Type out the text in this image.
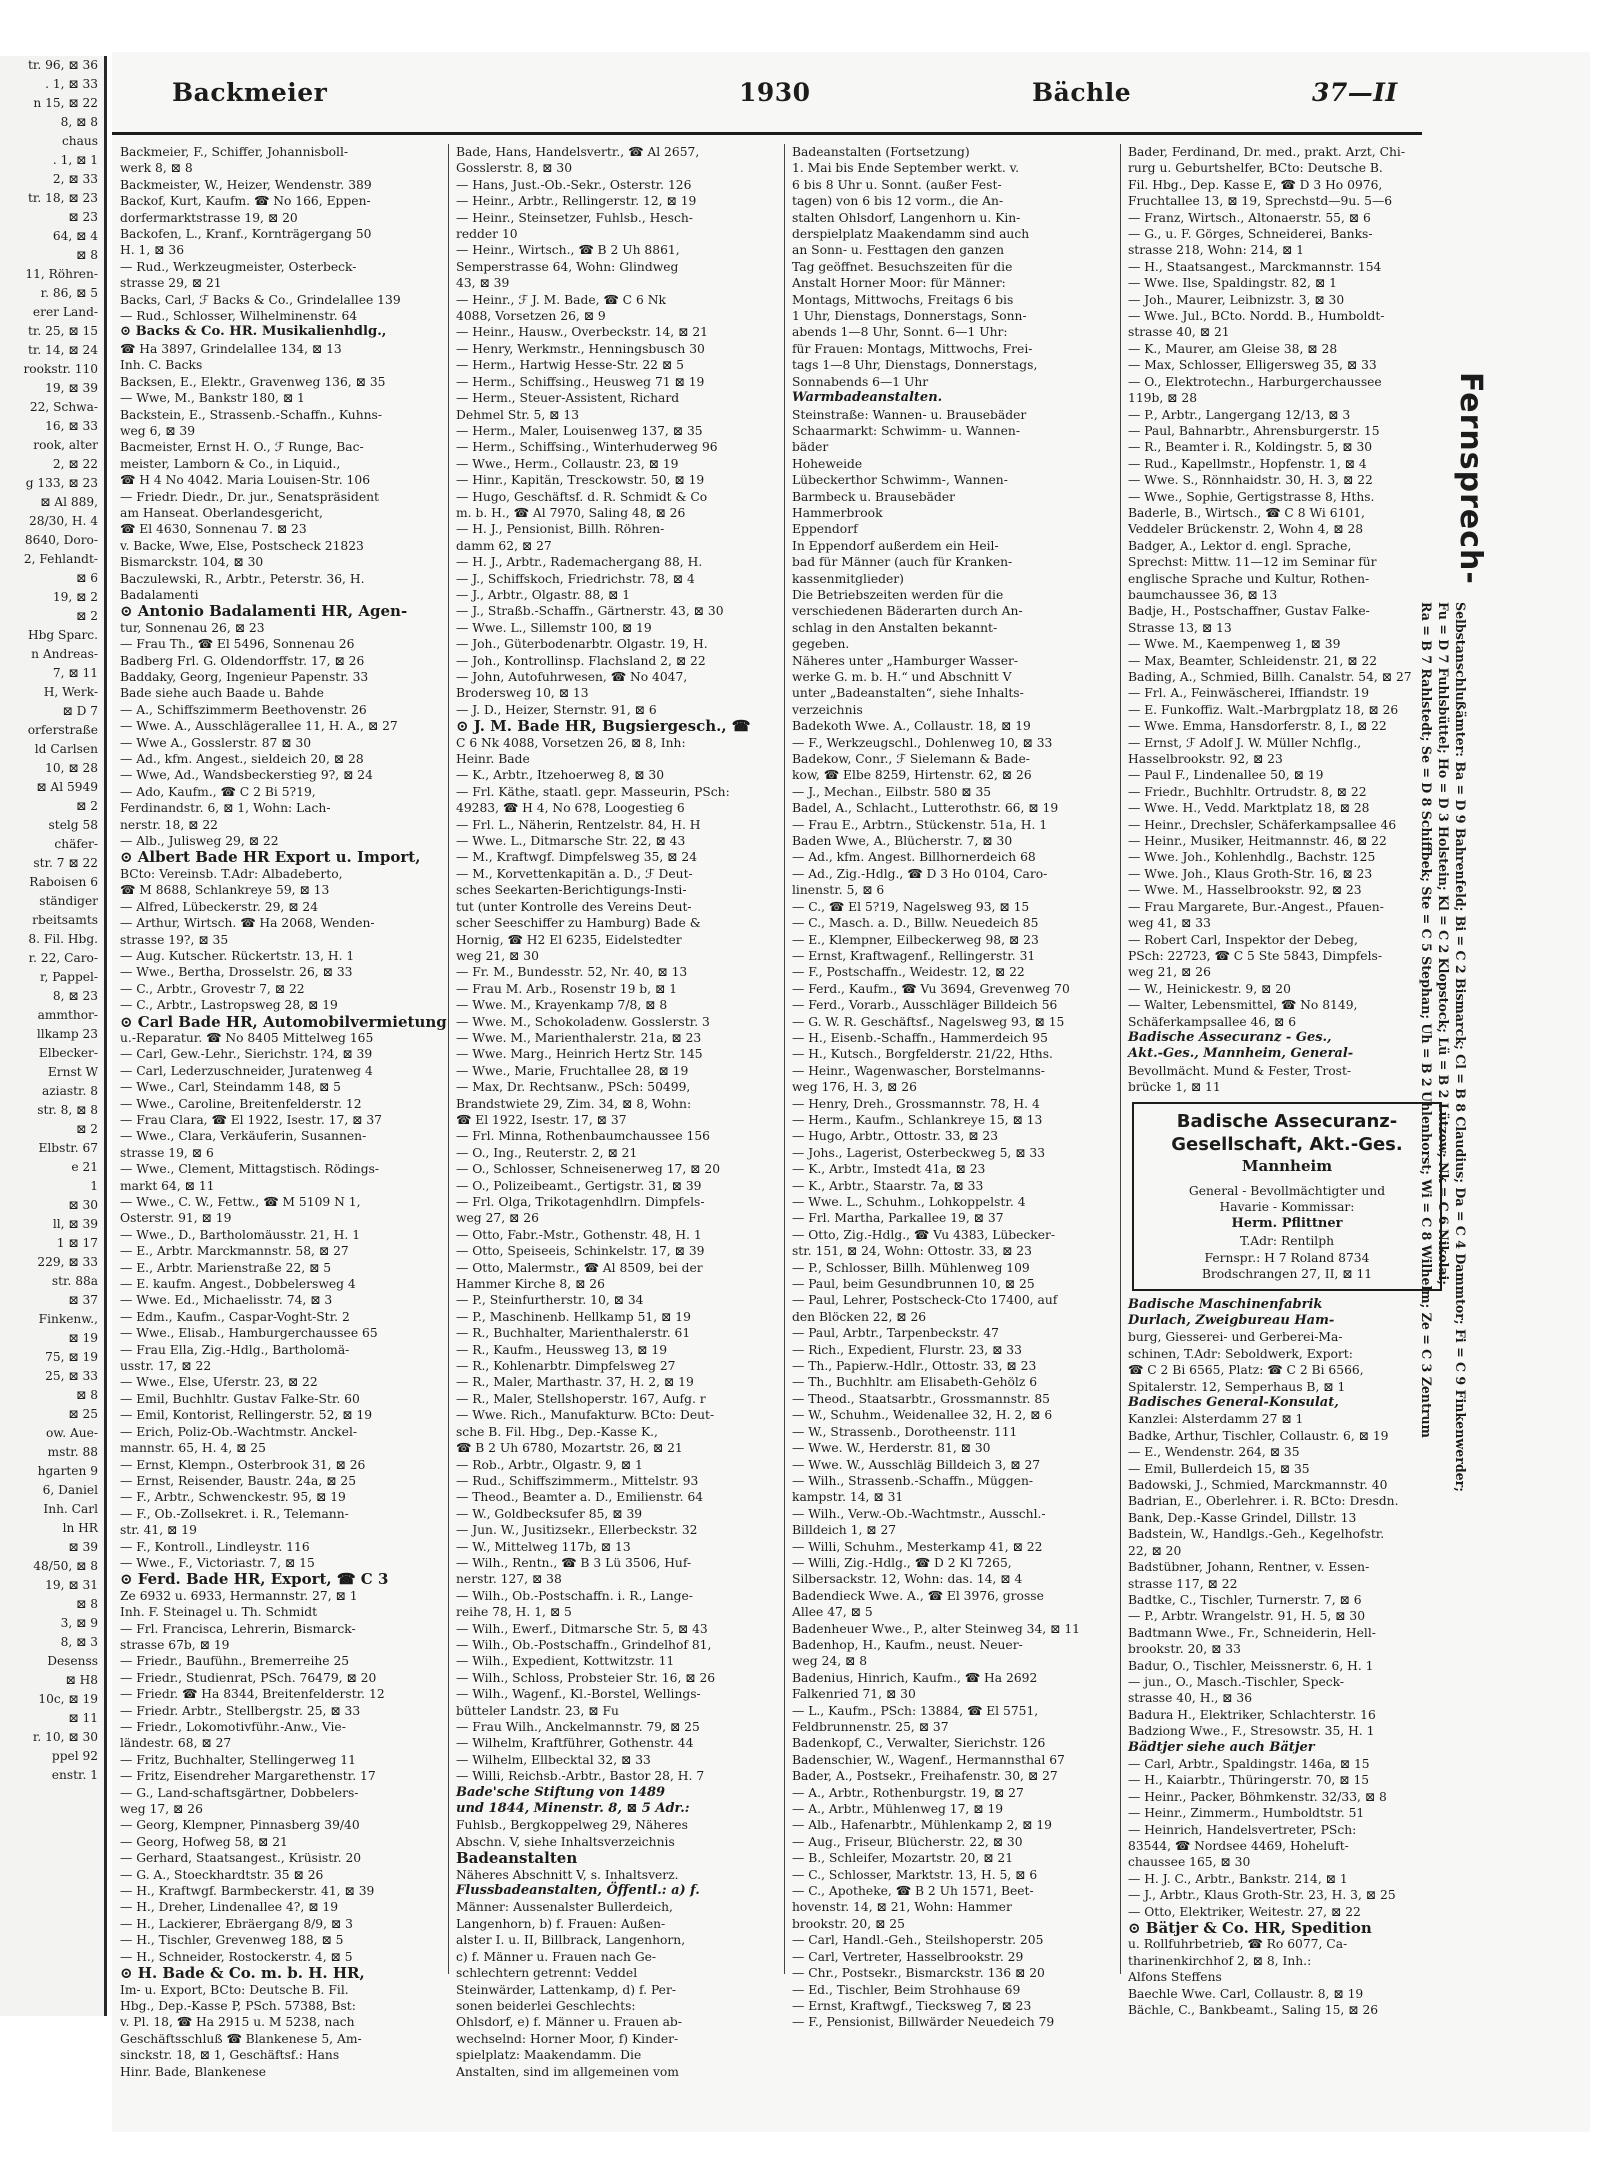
tr. 96, ⊠ 36
. 1, ⊠ 33
n 15, ⊠ 22
8, ⊠ 8
chaus
. 1, ⊠ 1
2, ⊠ 33
tr. 18, ⊠ 23
⊠ 23
64, ⊠ 4
⊠ 8
11, Röhren-
r. 86, ⊠ 5
erer Land-
tr. 25, ⊠ 15
tr. 14, ⊠ 24
rookstr. 110
19, ⊠ 39
22, Schwa-
16, ⊠ 33
rook, alter
2, ⊠ 22
g 133, ⊠ 23
⊠ Al 889,
28/30, H. 4
8640, Doro-
2, Fehlandt-
⊠ 6
19, ⊠ 2
⊠ 2
Hbg Sparc.
n Andreas-
7, ⊠ 11
H, Werk-
⊠ D 7
orferstraße
ld Carlsen
10, ⊠ 28
⊠ Al 5949
⊠ 2
stelg 58
chäfer-
str. 7 ⊠ 22
Raboisen 6
ständiger
rbeitsamts
8. Fil. Hbg.
r. 22, Caro-
r, Pappel-
8, ⊠ 23
ammthor-
llkamp 23
Elbecker-
Ernst W
aziastr. 8
str. 8, ⊠ 8
⊠ 2
Elbstr. 67
e 21
1
⊠ 30
ll, ⊠ 39
1 ⊠ 17
229, ⊠ 33
str. 88a
⊠ 37
Finkenw.,
⊠ 19
75, ⊠ 19
25, ⊠ 33
⊠ 8
⊠ 25
ow. Aue-
mstr. 88
hgarten 9
6, Daniel
Inh. Carl
ln HR
⊠ 39
48/50, ⊠ 8
19, ⊠ 31
⊠ 8
3, ⊠ 9
8, ⊠ 3
Desenss
⊠ H8
10c, ⊠ 19
⊠ 11
r. 10, ⊠ 30
ppel 92
enstr. 1
Backmeier	1930	Bächle	37—II
Backmeier, F., Schiffer, Johannisboll-
werk 8, ⊠ 8
Backmeister, W., Heizer, Wendenstr. 389
Backof, Kurt, Kaufm. ☎ No 166, Eppen-
dorfermarktstrasse 19, ⊠ 20
Backofen, L., Kranf., Kornträgergang 50
H. 1, ⊠ 36
— Rud., Werkzeugmeister, Osterbeck-
strasse 29, ⊠ 21
Backs, Carl, ℱ Backs & Co., Grindelallee 139
— Rud., Schlosser, Wilhelminenstr. 64
⊙ Backs & Co. HR. Musikalienhdlg.,
☎ Ha 3897, Grindelallee 134, ⊠ 13
Inh. C. Backs
Backsen, E., Elektr., Gravenweg 136, ⊠ 35
— Wwe, M., Bankstr 180, ⊠ 1
Backstein, E., Strassenb.-Schaffn., Kuhns-
weg 6, ⊠ 39
Bacmeister, Ernst H. O., ℱ Runge, Bac-
meister, Lamborn & Co., in Liquid.,
☎ H 4 No 4042. Maria Louisen-Str. 106
— Friedr. Diedr., Dr. jur., Senatspräsident
am Hanseat. Oberlandesgericht,
☎ El 4630, Sonnenau 7. ⊠ 23
v. Backe, Wwe, Else, Postscheck 21823
Bismarckstr. 104, ⊠ 30
Baczulewski, R., Arbtr., Peterstr. 36, H.
Badalamenti
⊙ Antonio Badalamenti HR, Agen-
tur, Sonnenau 26, ⊠ 23
— Frau Th., ☎ El 5496, Sonnenau 26
Badberg Frl. G. Oldendorffstr. 17, ⊠ 26
Baddaky, Georg, Ingenieur Papenstr. 33
Bade siehe auch Baade u. Bahde
— A., Schiffszimmerm Beethovenstr. 26
— Wwe. A., Ausschlägerallee 11, H. A., ⊠ 27
— Wwe A., Gosslerstr. 87 ⊠ 30
— Ad., kfm. Angest., sieldeich 20, ⊠ 28
— Wwe, Ad., Wandsbeckerstieg 9?, ⊠ 24
— Ado, Kaufm., ☎ C 2 Bi 5?19,
Ferdinandstr. 6, ⊠ 1, Wohn: Lach-
nerstr. 18, ⊠ 22
— Alb., Julisweg 29, ⊠ 22
⊙ Albert Bade HR Export u. Import,
BCto: Vereinsb. T.Adr: Albadeberto,
☎ M 8688, Schlankreye 59, ⊠ 13
— Alfred, Lübeckerstr. 29, ⊠ 24
— Arthur, Wirtsch. ☎ Ha 2068, Wenden-
strasse 19?, ⊠ 35
— Aug. Kutscher. Rückertstr. 13, H. 1
— Wwe., Bertha, Drosselstr. 26, ⊠ 33
— C., Arbtr., Grovestr 7, ⊠ 22
— C., Arbtr., Lastropsweg 28, ⊠ 19
⊙ Carl Bade HR, Automobilvermietung
u.-Reparatur. ☎ No 8405 Mittelweg 165
— Carl, Gew.-Lehr., Sierichstr. 1?4, ⊠ 39
— Carl, Lederzuschneider, Juratenweg 4
— Wwe., Carl, Steindamm 148, ⊠ 5
— Wwe., Caroline, Breitenfelderstr. 12
— Frau Clara, ☎ El 1922, Isestr. 17, ⊠ 37
— Wwe., Clara, Verkäuferin, Susannen-
strasse 19, ⊠ 6
— Wwe., Clement, Mittagstisch. Rödings-
markt 64, ⊠ 11
— Wwe., C. W., Fettw., ☎ M 5109 N 1,
Osterstr. 91, ⊠ 19
— Wwe., D., Bartholomäusstr. 21, H. 1
— E., Arbtr. Marckmannstr. 58, ⊠ 27
— E., Arbtr. Marienstraße 22, ⊠ 5
— E. kaufm. Angest., Dobbelersweg 4
— Wwe. Ed., Michaelisstr. 74, ⊠ 3
— Edm., Kaufm., Caspar-Voght-Str. 2
— Wwe., Elisab., Hamburgerchaussee 65
— Frau Ella, Zig.-Hdlg., Bartholomä-
usstr. 17, ⊠ 22
— Wwe., Else, Uferstr. 23, ⊠ 22
— Emil, Buchhltr. Gustav Falke-Str. 60
— Emil, Kontorist, Rellingerstr. 52, ⊠ 19
— Erich, Poliz-Ob.-Wachtmstr. Anckel-
mannstr. 65, H. 4, ⊠ 25
— Ernst, Klempn., Osterbrook 31, ⊠ 26
— Ernst, Reisender, Baustr. 24a, ⊠ 25
— F., Arbtr., Schwenckestr. 95, ⊠ 19
— F., Ob.-Zollsekret. i. R., Telemann-
str. 41, ⊠ 19
— F., Kontroll., Lindleystr. 116
— Wwe., F., Victoriastr. 7, ⊠ 15
⊙ Ferd. Bade HR, Export, ☎ C 3
Ze 6932 u. 6933, Hermannstr. 27, ⊠ 1
Inh. F. Steinagel u. Th. Schmidt
— Frl. Francisca, Lehrerin, Bismarck-
strasse 67b, ⊠ 19
— Friedr., Baufühn., Bremerreihe 25
— Friedr., Studienrat, PSch. 76479, ⊠ 20
— Friedr. ☎ Ha 8344, Breitenfelderstr. 12
— Friedr. Arbtr., Stellbergstr. 25, ⊠ 33
— Friedr., Lokomotivführ.-Anw., Vie-
ländestr. 68, ⊠ 27
— Fritz, Buchhalter, Stellingerweg 11
— Fritz, Eisendreher Margarethenstr. 17
— G., Land-schaftsgärtner, Dobbelers-
weg 17, ⊠ 26
— Georg, Klempner, Pinnasberg 39/40
— Georg, Hofweg 58, ⊠ 21
— Gerhard, Staatsangest., Krüsistr. 20
— G. A., Stoeckhardtstr. 35 ⊠ 26
— H., Kraftwgf. Barmbeckerstr. 41, ⊠ 39
— H., Dreher, Lindenallee 4?, ⊠ 19
— H., Lackierer, Ebräergang 8/9, ⊠ 3
— H., Tischler, Grevenweg 188, ⊠ 5
— H., Schneider, Rostockerstr. 4, ⊠ 5
⊙ H. Bade & Co. m. b. H. HR,
Im- u. Export, BCto: Deutsche B. Fil.
Hbg., Dep.-Kasse P, PSch. 57388, Bst:
v. Pl. 18, ☎ Ha 2915 u. M 5238, nach
Geschäftsschluß ☎ Blankenese 5, Am-
sinckstr. 18, ⊠ 1, Geschäftsf.: Hans
Hinr. Bade, Blankenese
Bade, Hans, Handelsvertr., ☎ Al 2657,
Gosslerstr. 8, ⊠ 30
— Hans, Just.-Ob.-Sekr., Osterstr. 126
— Heinr., Arbtr., Rellingerstr. 12, ⊠ 19
— Heinr., Steinsetzer, Fuhlsb., Hesch-
redder 10
— Heinr., Wirtsch., ☎ B 2 Uh 8861,
Semperstrasse 64, Wohn: Glindweg
43, ⊠ 39
— Heinr., ℱ J. M. Bade, ☎ C 6 Nk
4088, Vorsetzen 26, ⊠ 9
— Heinr., Hausw., Overbeckstr. 14, ⊠ 21
— Henry, Werkmstr., Henningsbusch 30
— Herm., Hartwig Hesse-Str. 22 ⊠ 5
— Herm., Schiffsing., Heusweg 71 ⊠ 19
— Herm., Steuer-Assistent, Richard
Dehmel Str. 5, ⊠ 13
— Herm., Maler, Louisenweg 137, ⊠ 35
— Herm., Schiffsing., Winterhuderweg 96
— Wwe., Herm., Collaustr. 23, ⊠ 19
— Hinr., Kapitän, Tresckowstr. 50, ⊠ 19
— Hugo, Geschäftsf. d. R. Schmidt & Co
m. b. H., ☎ Al 7970, Saling 48, ⊠ 26
— H. J., Pensionist, Billh. Röhren-
damm 62, ⊠ 27
— H. J., Arbtr., Rademachergang 88, H.
— J., Schiffskoch, Friedrichstr. 78, ⊠ 4
— J., Arbtr., Olgastr. 88, ⊠ 1
— J., Straßb.-Schaffn., Gärtnerstr. 43, ⊠ 30
— Wwe. L., Sillemstr 100, ⊠ 19
— Joh., Güterbodenarbtr. Olgastr. 19, H.
— Joh., Kontrollinsp. Flachsland 2, ⊠ 22
— John, Autofuhrwesen, ☎ No 4047,
Brodersweg 10, ⊠ 13
— J. D., Heizer, Sternstr. 91, ⊠ 6
⊙ J. M. Bade HR, Bugsiergesch., ☎
C 6 Nk 4088, Vorsetzen 26, ⊠ 8, Inh:
Heinr. Bade
— K., Arbtr., Itzehoerweg 8, ⊠ 30
— Frl. Käthe, staatl. gepr. Masseurin, PSch:
49283, ☎ H 4, No 6?8, Loogestieg 6
— Frl. L., Näherin, Rentzelstr. 84, H. H
— Wwe. L., Ditmarsche Str. 22, ⊠ 43
— M., Kraftwgf. Dimpfelsweg 35, ⊠ 24
— M., Korvettenkapitän a. D., ℱ Deut-
sches Seekarten-Berichtigungs-Insti-
tut (unter Kontrolle des Vereins Deut-
scher Seeschiffer zu Hamburg) Bade &
Hornig, ☎ H2 El 6235, Eidelstedter
weg 21, ⊠ 30
— Fr. M., Bundesstr. 52, Nr. 40, ⊠ 13
— Frau M. Arb., Rosenstr 19 b, ⊠ 1
— Wwe. M., Krayenkamp 7/8, ⊠ 8
— Wwe. M., Schokoladenw. Gosslerstr. 3
— Wwe. M., Marienthalerstr. 21a, ⊠ 23
— Wwe. Marg., Heinrich Hertz Str. 145
— Wwe., Marie, Fruchtallee 28, ⊠ 19
— Max, Dr. Rechtsanw., PSch: 50499,
Brandstwiete 29, Zim. 34, ⊠ 8, Wohn:
☎ El 1922, Isestr. 17, ⊠ 37
— Frl. Minna, Rothenbaumchaussee 156
— O., Ing., Reuterstr. 2, ⊠ 21
— O., Schlosser, Schneisenerweg 17, ⊠ 20
— O., Polizeibeamt., Gertigstr. 31, ⊠ 39
— Frl. Olga, Trikotagenhdlrn. Dimpfels-
weg 27, ⊠ 26
— Otto, Fabr.-Mstr., Gothenstr. 48, H. 1
— Otto, Speiseeis, Schinkelstr. 17, ⊠ 39
— Otto, Malermstr., ☎ Al 8509, bei der
Hammer Kirche 8, ⊠ 26
— P., Steinfurtherstr. 10, ⊠ 34
— P., Maschinenb. Hellkamp 51, ⊠ 19
— R., Buchhalter, Marienthalerstr. 61
— R., Kaufm., Heussweg 13, ⊠ 19
— R., Kohlenarbtr. Dimpfelsweg 27
— R., Maler, Marthastr. 37, H. 2, ⊠ 19
— R., Maler, Stellshoperstr. 167, Aufg. r
— Wwe. Rich., Manufakturw. BCto: Deut-
sche B. Fil. Hbg., Dep.-Kasse K.,
☎ B 2 Uh 6780, Mozartstr. 26, ⊠ 21
— Rob., Arbtr., Olgastr. 9, ⊠ 1
— Rud., Schiffszimmerm., Mittelstr. 93
— Theod., Beamter a. D., Emilienstr. 64
— W., Goldbecksufer 85, ⊠ 39
— Jun. W., Jusitizsekr., Ellerbeckstr. 32
— W., Mittelweg 117b, ⊠ 13
— Wilh., Rentn., ☎ B 3 Lü 3506, Huf-
nerstr. 127, ⊠ 38
— Wilh., Ob.-Postschaffn. i. R., Lange-
reihe 78, H. 1, ⊠ 5
— Wilh., Ewerf., Ditmarsche Str. 5, ⊠ 43
— Wilh., Ob.-Postschaffn., Grindelhof 81,
— Wilh., Expedient, Kottwitzstr. 11
— Wilh., Schloss, Probsteier Str. 16, ⊠ 26
— Wilh., Wagenf., Kl.-Borstel, Wellings-
bütteler Landstr. 23, ⊠ Fu
— Frau Wilh., Anckelmannstr. 79, ⊠ 25
— Wilhelm, Kraftführer, Gothenstr. 44
— Wilhelm, Ellbecktal 32, ⊠ 33
— Willi, Reichsb.-Arbtr., Bastor 28, H. 7
Bade'sche Stiftung von 1489
und 1844, Minenstr. 8, ⊠ 5 Adr.:
Fuhlsb., Bergkoppelweg 29, Näheres
Abschn. V, siehe Inhaltsverzeichnis
Badeanstalten
Näheres Abschnitt V, s. Inhaltsverz.
Flussbadeanstalten, Öffentl.: a) f.
Männer: Aussenalster Bullerdeich,
Langenhorn, b) f. Frauen: Außen-
alster I. u. II, Billbrack, Langenhorn,
c) f. Männer u. Frauen nach Ge-
schlechtern getrennt: Veddel
Steinwärder, Lattenkamp, d) f. Per-
sonen beiderlei Geschlechts:
Ohlsdorf, e) f. Männer u. Frauen ab-
wechselnd: Horner Moor, f) Kinder-
spielplatz: Maakendamm. Die
Anstalten, sind im allgemeinen vom
Badeanstalten (Fortsetzung)
1. Mai bis Ende September werkt. v.
6 bis 8 Uhr u. Sonnt. (außer Fest-
tagen) von 6 bis 12 vorm., die An-
stalten Ohlsdorf, Langenhorn u. Kin-
derspielplatz Maakendamm sind auch
an Sonn- u. Festtagen den ganzen
Tag geöffnet. Besuchszeiten für die
Anstalt Horner Moor: für Männer:
Montags, Mittwochs, Freitags 6 bis
1 Uhr, Dienstags, Donnerstags, Sonn-
abends 1—8 Uhr, Sonnt. 6—1 Uhr:
für Frauen: Montags, Mittwochs, Frei-
tags 1—8 Uhr, Dienstags, Donnerstags,
Sonnabends 6—1 Uhr
Warmbadeanstalten.
Steinstraße: Wannen- u. Brausebäder
Schaarmarkt: Schwimm- u. Wannen-
bäder
Hoheweide
Lübeckerthor Schwimm-, Wannen-
Barmbeck u. Brausebäder
Hammerbrook
Eppendorf
In Eppendorf außerdem ein Heil-
bad für Männer (auch für Kranken-
kassenmitglieder)
Die Betriebszeiten werden für die
verschiedenen Bäderarten durch An-
schlag in den Anstalten bekannt-
gegeben.
Näheres unter „Hamburger Wasser-
werke G. m. b. H.“ und Abschnitt V
unter „Badeanstalten“, siehe Inhalts-
verzeichnis
Badekoth Wwe. A., Collaustr. 18, ⊠ 19
— F., Werkzeugschl., Dohlenweg 10, ⊠ 33
Badekow, Conr., ℱ Sielemann & Bade-
kow, ☎ Elbe 8259, Hirtenstr. 62, ⊠ 26
— J., Mechan., Eilbstr. 580 ⊠ 35
Badel, A., Schlacht., Lutterothstr. 66, ⊠ 19
— Frau E., Arbtrn., Stückenstr. 51a, H. 1
Baden Wwe, A., Blücherstr. 7, ⊠ 30
— Ad., kfm. Angest. Billhornerdeich 68
— Ad., Zig.-Hdlg., ☎ D 3 Ho 0104, Caro-
linenstr. 5, ⊠ 6
— C., ☎ El 5?19, Nagelsweg 93, ⊠ 15
— C., Masch. a. D., Billw. Neuedeich 85
— E., Klempner, Eilbeckerweg 98, ⊠ 23
— Ernst, Kraftwagenf., Rellingerstr. 31
— F., Postschaffn., Weidestr. 12, ⊠ 22
— Ferd., Kaufm., ☎ Vu 3694, Grevenweg 70
— Ferd., Vorarb., Ausschläger Billdeich 56
— G. W. R. Geschäftsf., Nagelsweg 93, ⊠ 15
— H., Eisenb.-Schaffn., Hammerdeich 95
— H., Kutsch., Borgfelderstr. 21/22, Hths.
— Heinr., Wagenwascher, Borstelmanns-
weg 176, H. 3, ⊠ 26
— Henry, Dreh., Grossmannstr. 78, H. 4
— Herm., Kaufm., Schlankreye 15, ⊠ 13
— Hugo, Arbtr., Ottostr. 33, ⊠ 23
— Johs., Lagerist, Osterbeckweg 5, ⊠ 33
— K., Arbtr., Imstedt 41a, ⊠ 23
— K., Arbtr., Staarstr. 7a, ⊠ 33
— Wwe. L., Schuhm., Lohkoppelstr. 4
— Frl. Martha, Parkallee 19, ⊠ 37
— Otto, Zig.-Hdlg., ☎ Vu 4383, Lübecker-
str. 151, ⊠ 24, Wohn: Ottostr. 33, ⊠ 23
— P., Schlosser, Billh. Mühlenweg 109
— Paul, beim Gesundbrunnen 10, ⊠ 25
— Paul, Lehrer, Postscheck-Cto 17400, auf
den Blöcken 22, ⊠ 26
— Paul, Arbtr., Tarpenbeckstr. 47
— Rich., Expedient, Flurstr. 23, ⊠ 33
— Th., Papierw.-Hdlr., Ottostr. 33, ⊠ 23
— Th., Buchhltr. am Elisabeth-Gehölz 6
— Theod., Staatsarbtr., Grossmannstr. 85
— W., Schuhm., Weidenallee 32, H. 2, ⊠ 6
— W., Strassenb., Dorotheenstr. 111
— Wwe. W., Herderstr. 81, ⊠ 30
— Wwe. W., Ausschläg Billdeich 3, ⊠ 27
— Wilh., Strassenb.-Schaffn., Müggen-
kampstr. 14, ⊠ 31
— Wilh., Verw.-Ob.-Wachtmstr., Ausschl.-
Billdeich 1, ⊠ 27
— Willi, Schuhm., Mesterkamp 41, ⊠ 22
— Willi, Zig.-Hdlg., ☎ D 2 Kl 7265,
Silbersackstr. 12, Wohn: das. 14, ⊠ 4
Badendieck Wwe. A., ☎ El 3976, grosse
Allee 47, ⊠ 5
Badenheuer Wwe., P., alter Steinweg 34, ⊠ 11
Badenhop, H., Kaufm., neust. Neuer-
weg 24, ⊠ 8
Badenius, Hinrich, Kaufm., ☎ Ha 2692
Falkenried 71, ⊠ 30
— L., Kaufm., PSch: 13884, ☎ El 5751,
Feldbrunnenstr. 25, ⊠ 37
Badenkopf, C., Verwalter, Sierichstr. 126
Badenschier, W., Wagenf., Hermannsthal 67
Bader, A., Postsekr., Freihafenstr. 30, ⊠ 27
— A., Arbtr., Rothenburgstr. 19, ⊠ 27
— A., Arbtr., Mühlenweg 17, ⊠ 19
— Alb., Hafenarbtr., Mühlenkamp 2, ⊠ 19
— Aug., Friseur, Blücherstr. 22, ⊠ 30
— B., Schleifer, Mozartstr. 20, ⊠ 21
— C., Schlosser, Marktstr. 13, H. 5, ⊠ 6
— C., Apotheke, ☎ B 2 Uh 1571, Beet-
hovenstr. 14, ⊠ 21, Wohn: Hammer
brookstr. 20, ⊠ 25
— Carl, Handl.-Geh., Steilshoperstr. 205
— Carl, Vertreter, Hasselbrookstr. 29
— Chr., Postsekr., Bismarckstr. 136 ⊠ 20
— Ed., Tischler, Beim Strohhause 69
— Ernst, Kraftwgf., Tiecksweg 7, ⊠ 23
— F., Pensionist, Billwärder Neuedeich 79
Bader, Ferdinand, Dr. med., prakt. Arzt, Chi-
rurg u. Geburtshelfer, BCto: Deutsche B.
Fil. Hbg., Dep. Kasse E, ☎ D 3 Ho 0976,
Fruchtallee 13, ⊠ 19, Sprechstd—9u. 5—6
— Franz, Wirtsch., Altonaerstr. 55, ⊠ 6
— G., u. F. Görges, Schneiderei, Banks-
strasse 218, Wohn: 214, ⊠ 1
— H., Staatsangest., Marckmannstr. 154
— Wwe. Ilse, Spaldingstr. 82, ⊠ 1
— Joh., Maurer, Leibnizstr. 3, ⊠ 30
— Wwe. Jul., BCto. Nordd. B., Humboldt-
strasse 40, ⊠ 21
— K., Maurer, am Gleise 38, ⊠ 28
— Max, Schlosser, Elligersweg 35, ⊠ 33
— O., Elektrotechn., Harburgerchaussee
119b, ⊠ 28
— P., Arbtr., Langergang 12/13, ⊠ 3
— Paul, Bahnarbtr., Ahrensburgerstr. 15
— R., Beamter i. R., Koldingstr. 5, ⊠ 30
— Rud., Kapellmstr., Hopfenstr. 1, ⊠ 4
— Wwe. S., Rönnhaidstr. 30, H. 3, ⊠ 22
— Wwe., Sophie, Gertigstrasse 8, Hths.
Baderle, B., Wirtsch., ☎ C 8 Wi 6101,
Veddeler Brückenstr. 2, Wohn 4, ⊠ 28
Badger, A., Lektor d. engl. Sprache,
Sprechst: Mittw. 11—12 im Seminar für
englische Sprache und Kultur, Rothen-
baumchaussee 36, ⊠ 13
Badje, H., Postschaffner, Gustav Falke-
Strasse 13, ⊠ 13
— Wwe. M., Kaempenweg 1, ⊠ 39
— Max, Beamter, Schleidenstr. 21, ⊠ 22
Bading, A., Schmied, Billh. Canalstr. 54, ⊠ 27
— Frl. A., Feinwäscherei, Iffiandstr. 19
— E. Funkoffiz. Walt.-Marbrgplatz 18, ⊠ 26
— Wwe. Emma, Hansdorferstr. 8, I., ⊠ 22
— Ernst, ℱ Adolf J. W. Müller Nchflg.,
Hasselbrookstr. 92, ⊠ 23
— Paul F., Lindenallee 50, ⊠ 19
— Friedr., Buchhltr. Ortrudstr. 8, ⊠ 22
— Wwe. H., Vedd. Marktplatz 18, ⊠ 28
— Heinr., Drechsler, Schäferkampsallee 46
— Heinr., Musiker, Heitmannstr. 46, ⊠ 22
— Wwe. Joh., Kohlenhdlg., Bachstr. 125
— Wwe. Joh., Klaus Groth-Str. 16, ⊠ 23
— Wwe. M., Hasselbrookstr. 92, ⊠ 23
— Frau Margarete, Bur.-Angest., Pfauen-
weg 41, ⊠ 33
— Robert Carl, Inspektor der Debeg,
PSch: 22723, ☎ C 5 Ste 5843, Dimpfels-
weg 21, ⊠ 26
— W., Heinickestr. 9, ⊠ 20
— Walter, Lebensmittel, ☎ No 8149,
Schäferkampsallee 46, ⊠ 6
Badische Assecuranz - Ges.,
Akt.-Ges., Mannheim, General-
Bevollmächt. Mund & Fester, Trost-
brücke 1, ⊠ 11
Badische Assecuranz-
Gesellschaft, Akt.-Ges.
Mannheim
General - Bevollmächtigter und
Havarie - Kommissar:
Herm. Pflittner
T.Adr: Rentilph
Fernspr.: H 7 Roland 8734
Brodschrangen 27, II, ⊠ 11
Badische Maschinenfabrik
Durlach, Zweigbureau Ham-
burg, Giesserei- und Gerberei-Ma-
schinen, T.Adr: Seboldwerk, Export:
☎ C 2 Bi 6565, Platz: ☎ C 2 Bi 6566,
Spitalerstr. 12, Semperhaus B, ⊠ 1
Badisches General-Konsulat,
Kanzlei: Alsterdamm 27 ⊠ 1
Badke, Arthur, Tischler, Collaustr. 6, ⊠ 19
— E., Wendenstr. 264, ⊠ 35
— Emil, Bullerdeich 15, ⊠ 35
Badowski, J., Schmied, Marckmannstr. 40
Badrian, E., Oberlehrer. i. R. BCto: Dresdn.
Bank, Dep.-Kasse Grindel, Dillstr. 13
Badstein, W., Handlgs.-Geh., Kegelhofstr.
22, ⊠ 20
Badstübner, Johann, Rentner, v. Essen-
strasse 117, ⊠ 22
Badtke, C., Tischler, Turnerstr. 7, ⊠ 6
— P., Arbtr. Wrangelstr. 91, H. 5, ⊠ 30
Badtmann Wwe., Fr., Schneiderin, Hell-
brookstr. 20, ⊠ 33
Badur, O., Tischler, Meissnerstr. 6, H. 1
— jun., O., Masch.-Tischler, Speck-
strasse 40, H., ⊠ 36
Badura H., Elektriker, Schlachterstr. 16
Badziong Wwe., F., Stresowstr. 35, H. 1
Bädtjer siehe auch Bätjer
— Carl, Arbtr., Spaldingstr. 146a, ⊠ 15
— H., Kaiarbtr., Thüringerstr. 70, ⊠ 15
— Heinr., Packer, Böhmkenstr. 32/33, ⊠ 8
— Heinr., Zimmerm., Humboldtstr. 51
— Heinrich, Handelsvertreter, PSch:
83544, ☎ Nordsee 4469, Hoheluft-
chaussee 165, ⊠ 30
— H. J. C., Arbtr., Bankstr. 214, ⊠ 1
— J., Arbtr., Klaus Groth-Str. 23, H. 3, ⊠ 25
— Otto, Elektriker, Weitestr. 27, ⊠ 22
⊙ Bätjer & Co. HR, Spedition
u. Rollfuhrbetrieb, ☎ Ro 6077, Ca-
tharinenkirchhof 2, ⊠ 8, Inh.:
Alfons Steffens
Baechle Wwe. Carl, Collaustr. 8, ⊠ 19
Bächle, C., Bankbeamt., Saling 15, ⊠ 26
Fernsprech-
Selbstanschlußämter: Ba = D 9 Bahrenfeld; Bi = C 2 Bismarck; Cl = B 8 Claudius; Da = C 4 Dammtor; Fi = C 9 Finkenwerder;
Fu = D 7 Fuhlsbüttel; Ho = D 3 Holstein; Kl = C 2 Klopstock; Lü = B 2 Lützow; Nk = C 6 Nikolai;
Ra = B 7 Rahlstedt; Se = D 8 Schiffbek; Ste = C 5 Stephan; Uh = B 2 Uhlenhorst; Wi = C 8 Wilhelm; Ze = C 3 Zentrum
